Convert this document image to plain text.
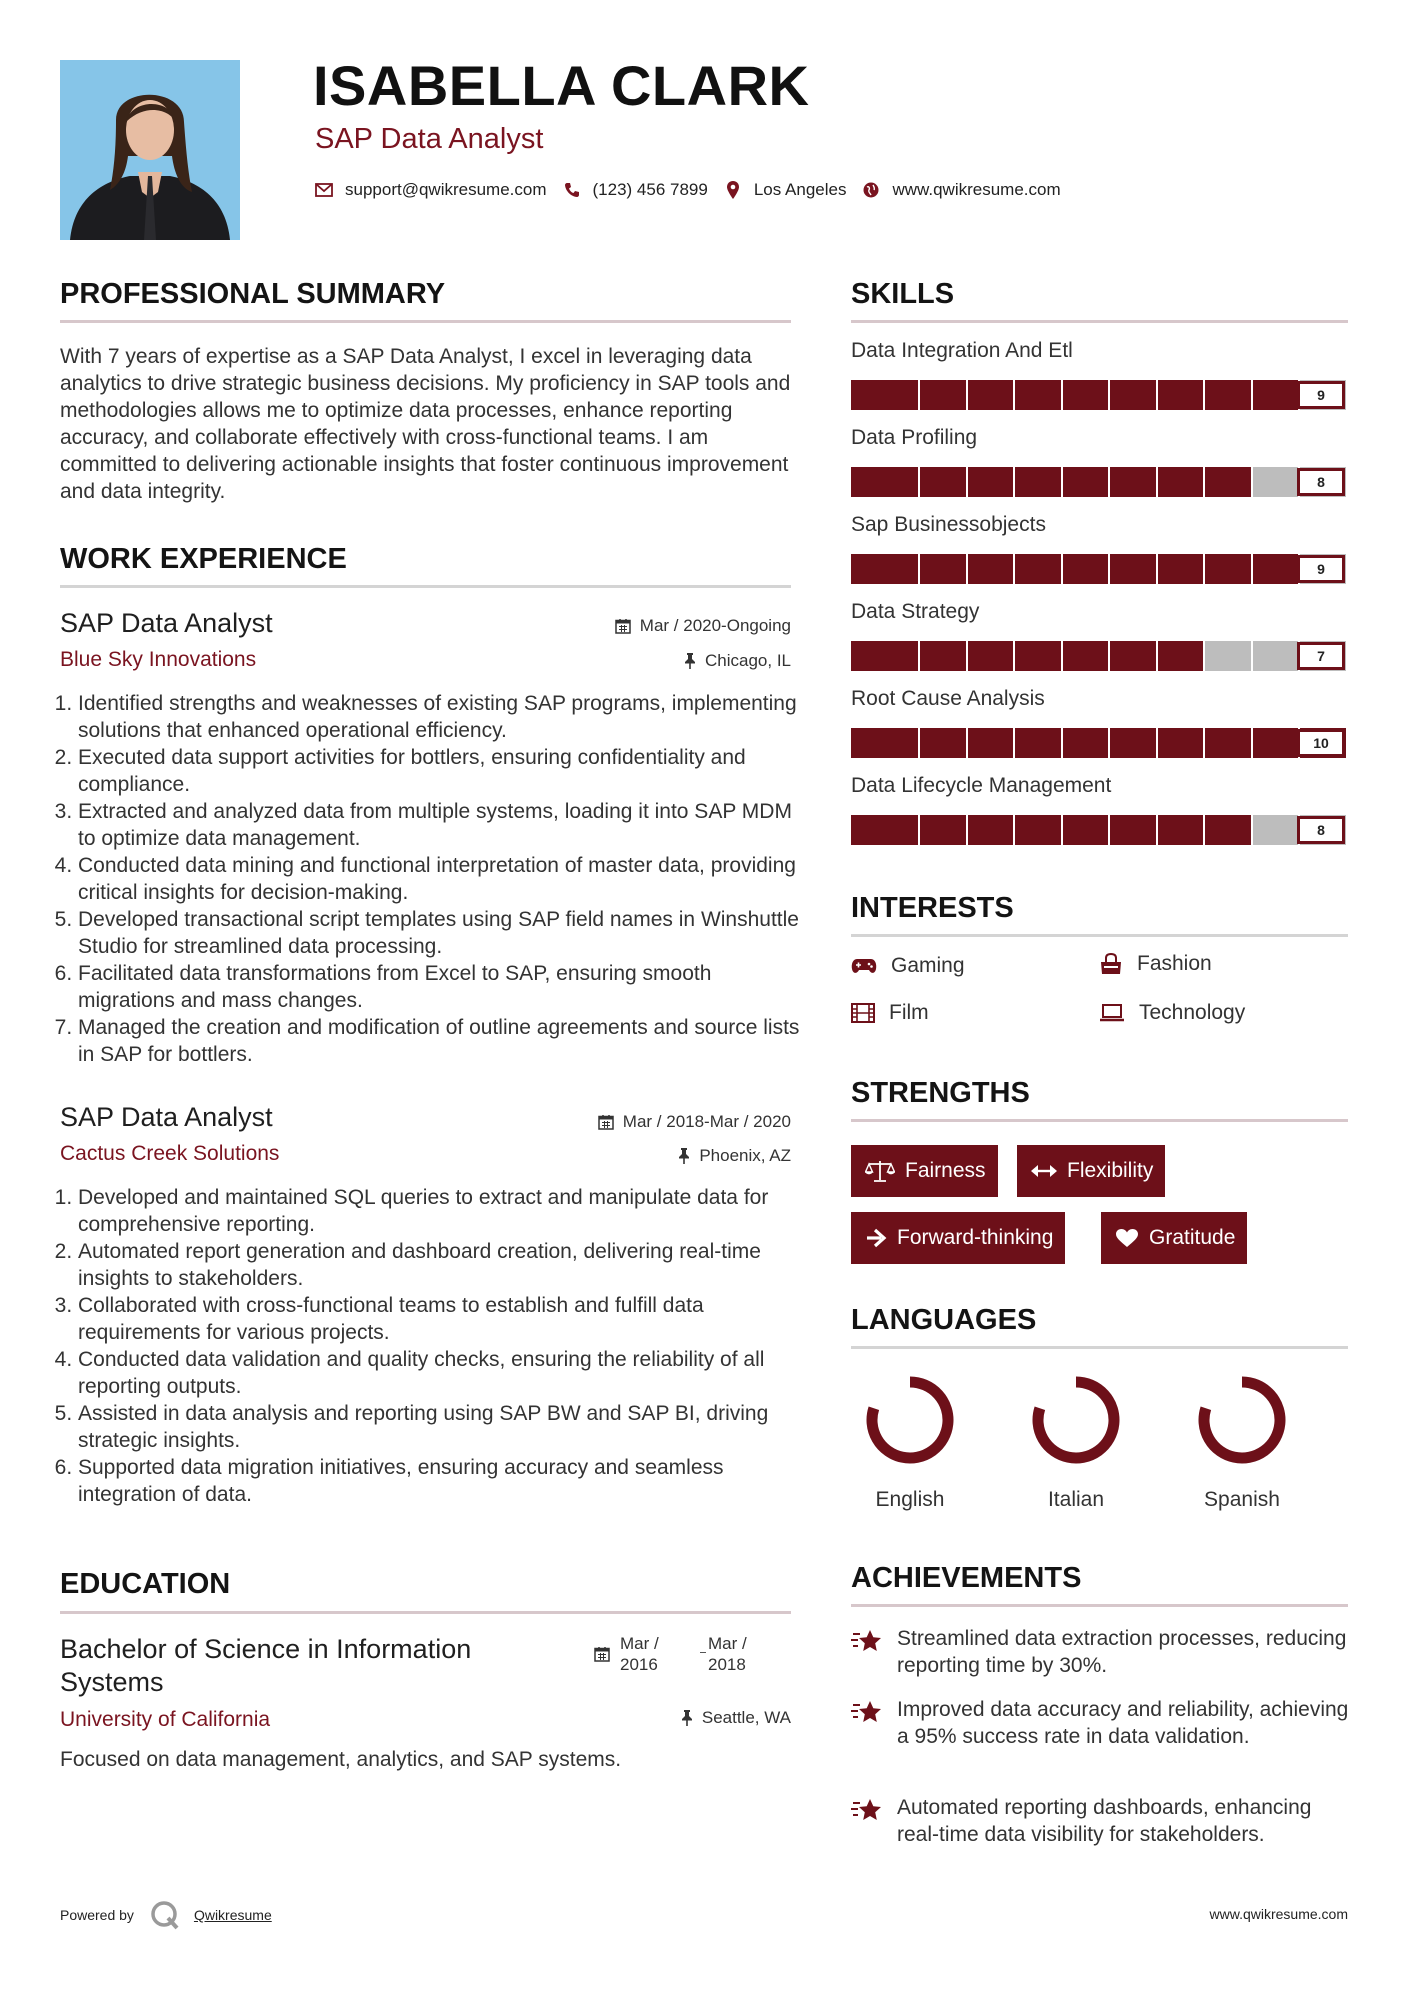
ISABELLA CLARK
SAP Data Analyst
support@qwikresume.com	(123) 456 7899	Los Angeles	www.qwikresume.com
PROFESSIONAL SUMMARY
With 7 years of expertise as a SAP Data Analyst, I excel in leveraging data analytics to drive strategic business decisions. My proficiency in SAP tools and methodologies allows me to optimize data processes, enhance reporting accuracy, and collaborate effectively with cross-functional teams. I am committed to delivering actionable insights that foster continuous improvement and data integrity.
WORK EXPERIENCE
SAP Data Analyst	Mar / 2020-Ongoing
Blue Sky Innovations	Chicago, IL
1. Identified strengths and weaknesses of existing SAP programs, implementing solutions that enhanced operational efficiency.
2. Executed data support activities for bottlers, ensuring confidentiality and compliance.
3. Extracted and analyzed data from multiple systems, loading it into SAP MDM to optimize data management.
4. Conducted data mining and functional interpretation of master data, providing critical insights for decision-making.
5. Developed transactional script templates using SAP field names in Winshuttle Studio for streamlined data processing.
6. Facilitated data transformations from Excel to SAP, ensuring smooth migrations and mass changes.
7. Managed the creation and modification of outline agreements and source lists in SAP for bottlers.
SAP Data Analyst	Mar / 2018-Mar / 2020
Cactus Creek Solutions	Phoenix, AZ
1. Developed and maintained SQL queries to extract and manipulate data for comprehensive reporting.
2. Automated report generation and dashboard creation, delivering real-time insights to stakeholders.
3. Collaborated with cross-functional teams to establish and fulfill data requirements for various projects.
4. Conducted data validation and quality checks, ensuring the reliability of all reporting outputs.
5. Assisted in data analysis and reporting using SAP BW and SAP BI, driving strategic insights.
6. Supported data migration initiatives, ensuring accuracy and seamless integration of data.
EDUCATION
Bachelor of Science in Information Systems
Mar / 2016
Mar / 2018
University of California	Seattle, WA
Focused on data management, analytics, and SAP systems.
SKILLS
Data Integration And Etl
9
Data Profiling
8
Sap Businessobjects
9
Data Strategy
7
Root Cause Analysis
10
Data Lifecycle Management
8
INTERESTS
Gaming	Fashion
Film	Technology
STRENGTHS
Fairness	Flexibility
Forward-thinking	Gratitude
LANGUAGES
English	Italian	Spanish
ACHIEVEMENTS
Streamlined data extraction processes, reducing reporting time by 30%.
Improved data accuracy and reliability, achieving a 95% success rate in data validation.
Automated reporting dashboards, enhancing real-time data visibility for stakeholders.
Powered by	Qwikresume	www.qwikresume.com
